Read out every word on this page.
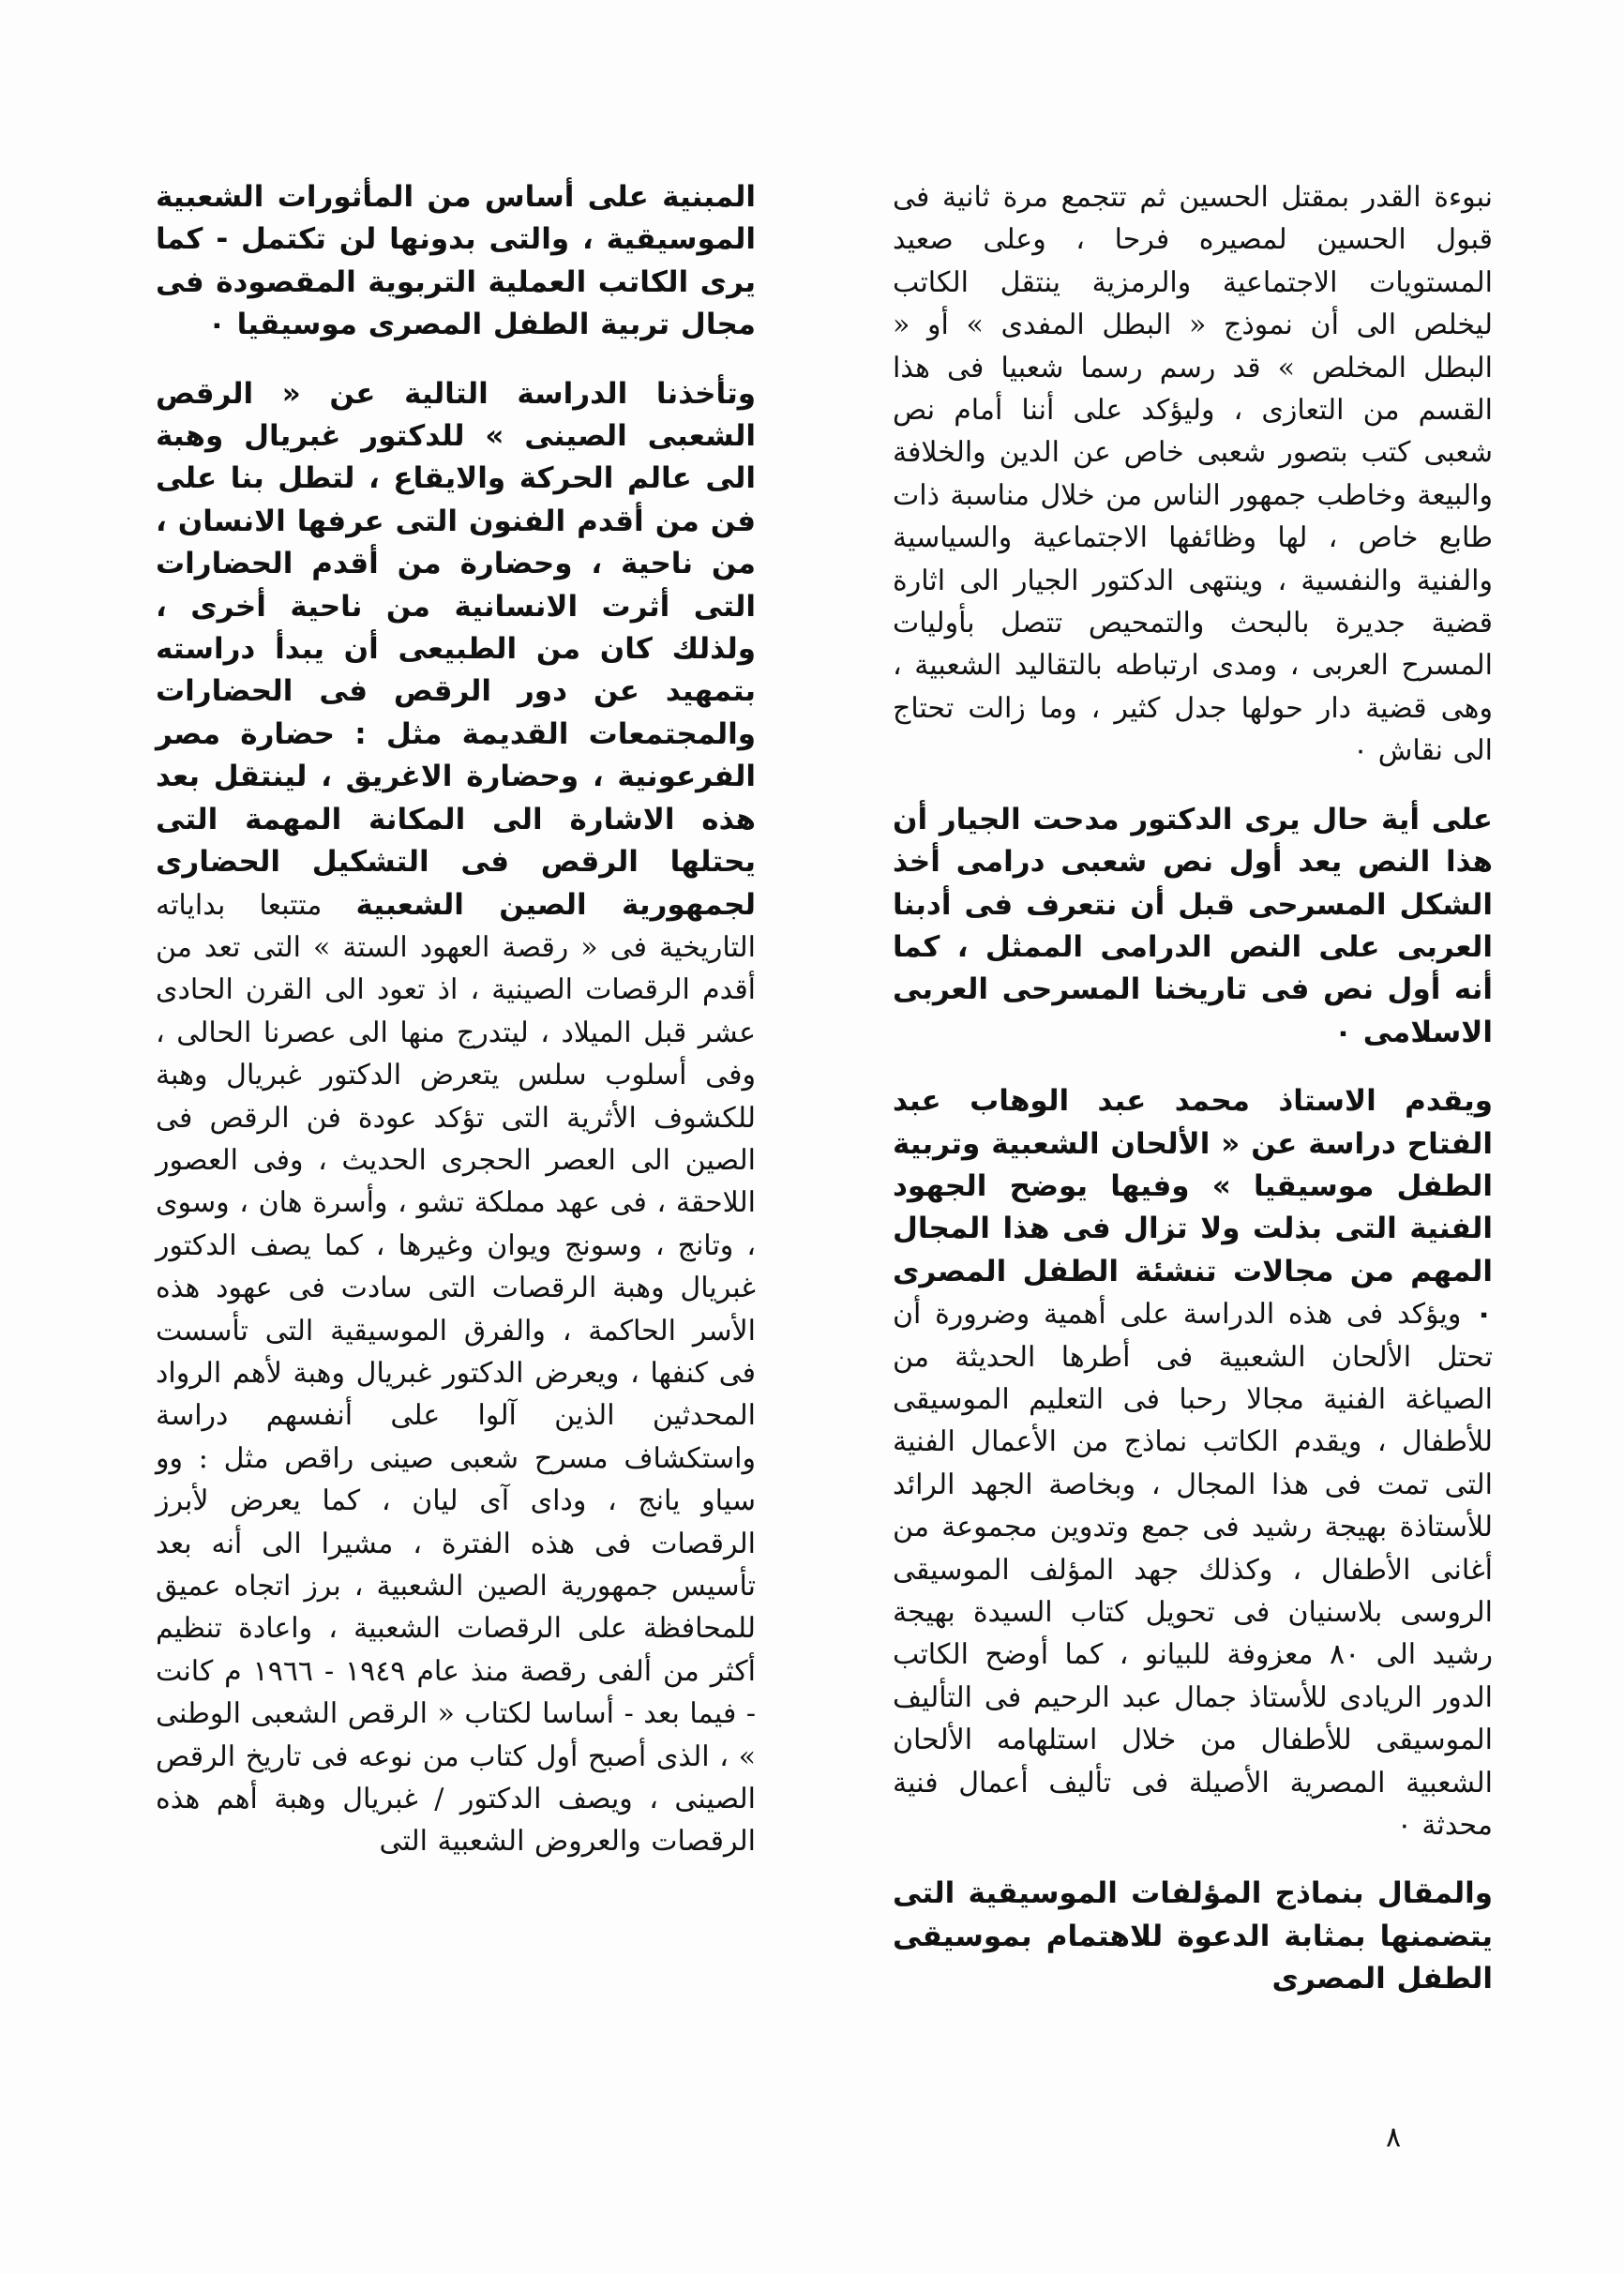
نبوءة القدر بمقتل الحسين ثم تتجمع مرة ثانية فى قبول الحسين لمصيره فرحا ، وعلى صعيد المستويات الاجتماعية والرمزية ينتقل الكاتب ليخلص الى أن نموذج « البطل المفدى » أو « البطل المخلص » قد رسم رسما شعبيا فى هذا القسم من التعازى ، وليؤكد على أننا أمام نص شعبى كتب بتصور شعبى خاص عن الدين والخلافة والبيعة وخاطب جمهور الناس من خلال مناسبة ذات طابع خاص ، لها وظائفها الاجتماعية والسياسية والفنية والنفسية ، وينتهى الدكتور الجيار الى اثارة قضية جديرة بالبحث والتمحيص تتصل بأوليات المسرح العربى ، ومدى ارتباطه بالتقاليد الشعبية ، وهى قضية دار حولها جدل كثير ، وما زالت تحتاج الى نقاش ٠

على أية حال يرى الدكتور مدحت الجيار أن هذا النص يعد أول نص شعبى درامى أخذ الشكل المسرحى قبل أن نتعرف فى أدبنا العربى على النص الدرامى الممثل ، كما أنه أول نص فى تاريخنا المسرحى العربى الاسلامى ٠

ويقدم الاستاذ محمد عبد الوهاب عبد الفتاح دراسة عن « الألحان الشعبية وتربية الطفل موسيقيا » وفيها يوضح الجهود الفنية التى بذلت ولا تزال فى هذا المجال المهم من مجالات تنشئة الطفل المصرى ٠ ويؤكد فى هذه الدراسة على أهمية وضرورة أن تحتل الألحان الشعبية فى أطرها الحديثة من الصياغة الفنية مجالا رحبا فى التعليم الموسيقى للأطفال ، ويقدم الكاتب نماذج من الأعمال الفنية التى تمت فى هذا المجال ، وبخاصة الجهد الرائد للأستاذة بهيجة رشيد فى جمع وتدوين مجموعة من أغانى الأطفال ، وكذلك جهد المؤلف الموسيقى الروسى بلاسنيان فى تحويل كتاب السيدة بهيجة رشيد الى ٨٠ معزوفة للبيانو ، كما أوضح الكاتب الدور الريادى للأستاذ جمال عبد الرحيم فى التأليف الموسيقى للأطفال من خلال استلهامه الألحان الشعبية المصرية الأصيلة فى تأليف أعمال فنية محدثة ٠

والمقال بنماذج المؤلفات الموسيقية التى يتضمنها بمثابة الدعوة للاهتمام بموسيقى الطفل المصرى

المبنية على أساس من المأثورات الشعبية الموسيقية ، والتى بدونها لن تكتمل - كما يرى الكاتب العملية التربوية المقصودة فى مجال تربية الطفل المصرى موسيقيا ٠

وتأخذنا الدراسة التالية عن « الرقص الشعبى الصينى » للدكتور غبريال وهبة الى عالم الحركة والايقاع ، لتطل بنا على فن من أقدم الفنون التى عرفها الانسان ، من ناحية ، وحضارة من أقدم الحضارات التى أثرت الانسانية من ناحية أخرى ، ولذلك كان من الطبيعى أن يبدأ دراسته بتمهيد عن دور الرقص فى الحضارات والمجتمعات القديمة مثل : حضارة مصر الفرعونية ، وحضارة الاغريق ، لينتقل بعد هذه الاشارة الى المكانة المهمة التى يحتلها الرقص فى التشكيل الحضارى لجمهورية الصين الشعبية متتبعا بداياته التاريخية فى « رقصة العهود الستة » التى تعد من أقدم الرقصات الصينية ، اذ تعود الى القرن الحادى عشر قبل الميلاد ، ليتدرج منها الى عصرنا الحالى ، وفى أسلوب سلس يتعرض الدكتور غبريال وهبة للكشوف الأثرية التى تؤكد عودة فن الرقص فى الصين الى العصر الحجرى الحديث ، وفى العصور اللاحقة ، فى عهد مملكة تشو ، وأسرة هان ، وسوى ، وتانج ، وسونج ويوان وغيرها ، كما يصف الدكتور غبريال وهبة الرقصات التى سادت فى عهود هذه الأسر الحاكمة ، والفرق الموسيقية التى تأسست فى كنفها ، ويعرض الدكتور غبريال وهبة لأهم الرواد المحدثين الذين آلوا على أنفسهم دراسة واستكشاف مسرح شعبى صينى راقص مثل : وو سياو يانج ، وداى آى ليان ، كما يعرض لأبرز الرقصات فى هذه الفترة ، مشيرا الى أنه بعد تأسيس جمهورية الصين الشعبية ، برز اتجاه عميق للمحافظة على الرقصات الشعبية ، واعادة تنظيم أكثر من ألفى رقصة منذ عام ١٩٤٩ - ١٩٦٦ م كانت - فيما بعد - أساسا لكتاب « الرقص الشعبى الوطنى » ، الذى أصبح أول كتاب من نوعه فى تاريخ الرقص الصينى ، ويصف الدكتور / غبريال وهبة أهم هذه الرقصات والعروض الشعبية التى

٨
